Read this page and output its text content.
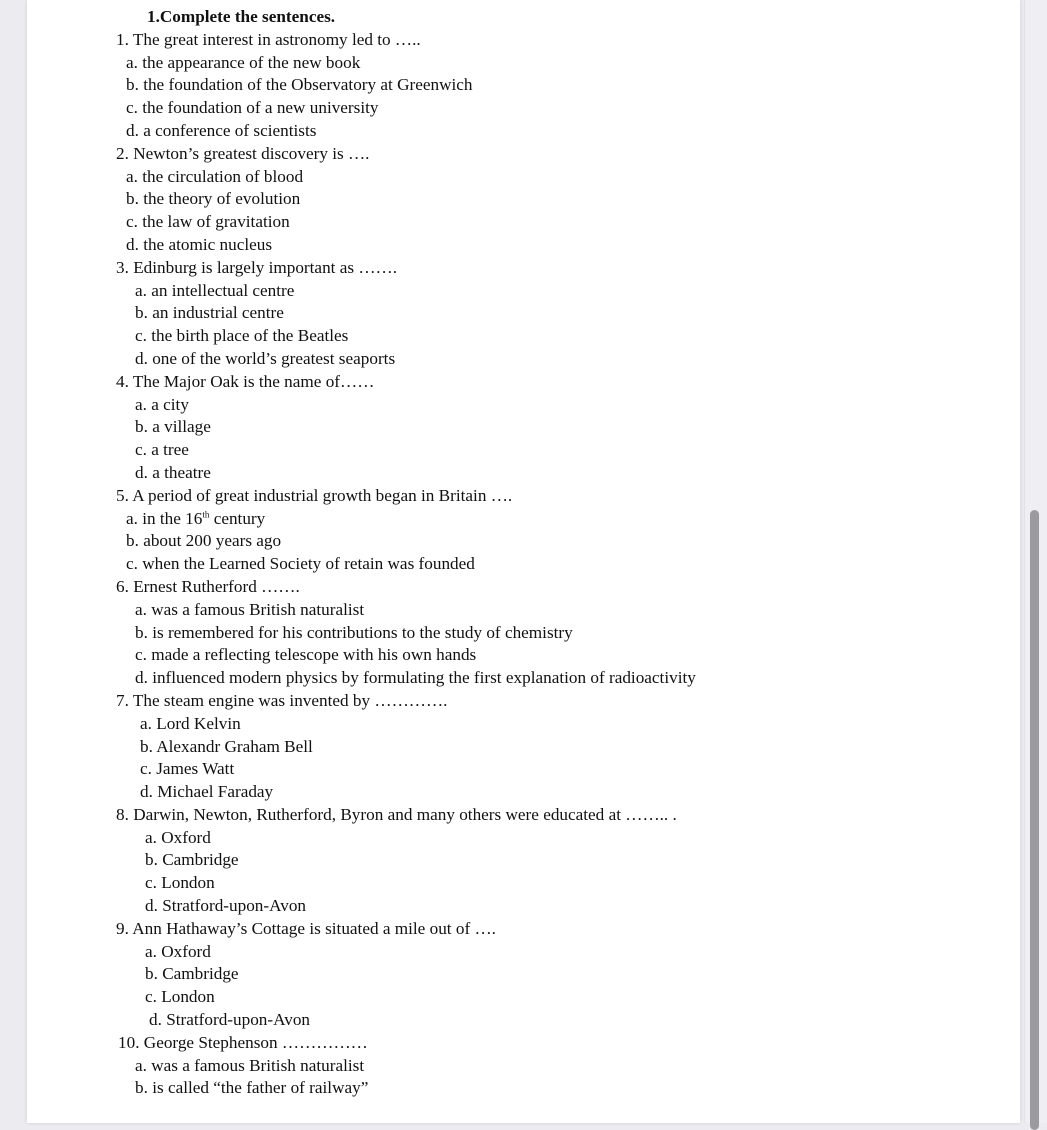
1.Complete the sentences.
1. The great interest in astronomy led to …..
a. the appearance of the new book
b. the foundation of the Observatory at Greenwich
c. the foundation of a new university
d. a conference of scientists
2. Newton’s greatest discovery is ….
a. the circulation of blood
b. the theory of evolution
c. the law of gravitation
d. the atomic nucleus
3. Edinburg is largely important as …….
a. an intellectual centre
b. an industrial centre
c. the birth place of the Beatles
d. one of the world’s greatest seaports
4. The Major Oak is the name of……
a. a city
b. a village
c. a tree
d. a theatre
5. A period of great industrial growth began in Britain ….
a. in the 16th century
b. about 200 years ago
c. when the Learned Society of retain was founded
6. Ernest Rutherford …….
a. was a famous British naturalist
b. is remembered for his contributions to the study of chemistry
c. made a reflecting telescope with his own hands
d. influenced modern physics by formulating the first explanation of radioactivity
7. The steam engine was invented by ………….
a. Lord Kelvin
b. Alexandr Graham Bell
c. James Watt
d. Michael Faraday
8. Darwin, Newton, Rutherford, Byron and many others were educated at …….. .
a. Oxford
b. Cambridge
c. London
d. Stratford-upon-Avon
9. Ann Hathaway’s Cottage is situated a mile out of ….
a. Oxford
b. Cambridge
c. London
d. Stratford-upon-Avon
10. George Stephenson ……………
a. was a famous British naturalist
b. is called “the father of railway”
